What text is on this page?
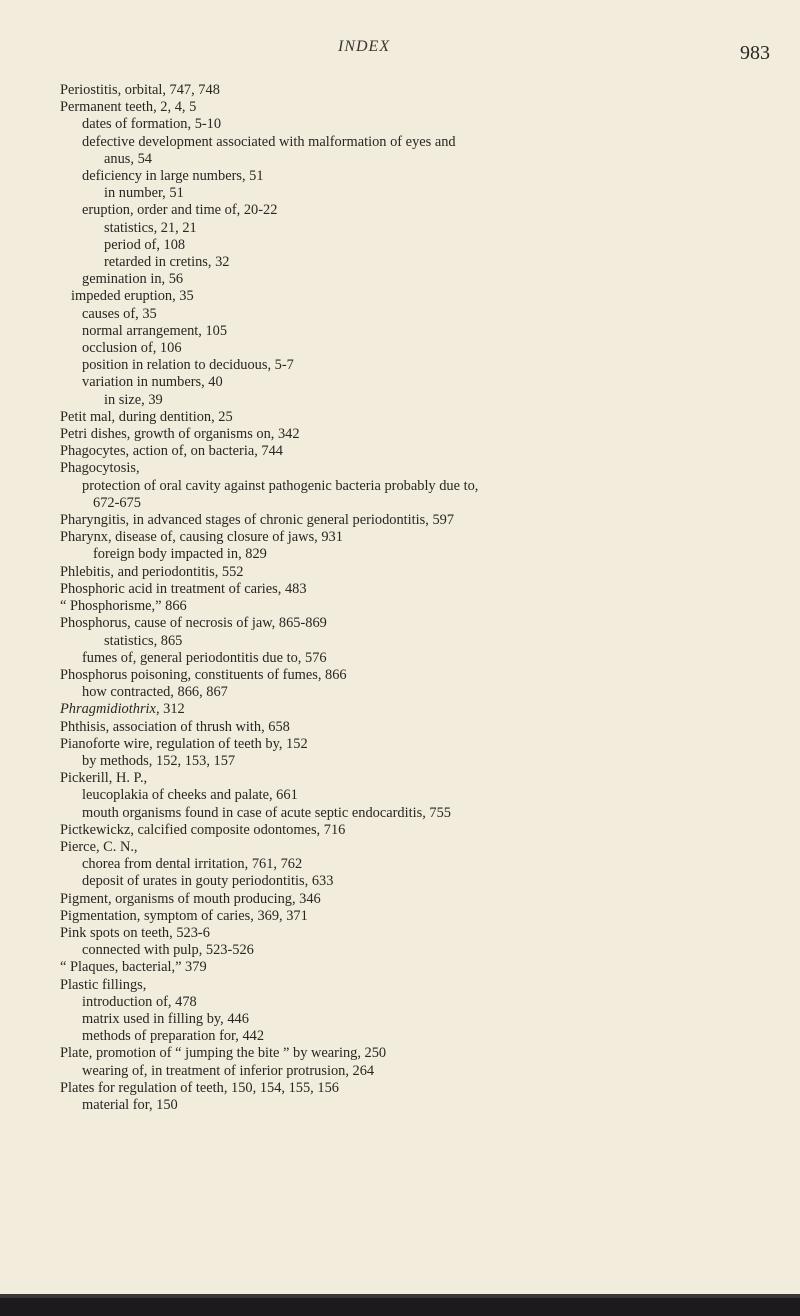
INDEX	983
Periostitis, orbital, 747, 748
Permanent teeth, 2, 4, 5
dates of formation, 5-10
defective development associated with malformation of eyes and
anus, 54
deficiency in large numbers, 51
in number, 51
eruption, order and time of, 20-22
statistics, 21, 21
period of, 108
retarded in cretins, 32
gemination in, 56
impeded eruption, 35
causes of, 35
normal arrangement, 105
occlusion of, 106
position in relation to deciduous, 5-7
variation in numbers, 40
in size, 39
Petit mal, during dentition, 25
Petri dishes, growth of organisms on, 342
Phagocytes, action of, on bacteria, 744
Phagocytosis,
protection of oral cavity against pathogenic bacteria probably due to,
672-675
Pharyngitis, in advanced stages of chronic general periodontitis, 597
Pharynx, disease of, causing closure of jaws, 931
foreign body impacted in, 829
Phlebitis, and periodontitis, 552
Phosphoric acid in treatment of caries, 483
“ Phosphorisme,” 866
Phosphorus, cause of necrosis of jaw, 865-869
statistics, 865
fumes of, general periodontitis due to, 576
Phosphorus poisoning, constituents of fumes, 866
how contracted, 866, 867
Phragmidiothrix, 312
Phthisis, association of thrush with, 658
Pianoforte wire, regulation of teeth by, 152
by methods, 152, 153, 157
Pickerill, H. P.,
leucoplakia of cheeks and palate, 661
mouth organisms found in case of acute septic endocarditis, 755
Pictkewickz, calcified composite odontomes, 716
Pierce, C. N.,
chorea from dental irritation, 761, 762
deposit of urates in gouty periodontitis, 633
Pigment, organisms of mouth producing, 346
Pigmentation, symptom of caries, 369, 371
Pink spots on teeth, 523-6
connected with pulp, 523-526
“ Plaques, bacterial,” 379
Plastic fillings,
introduction of, 478
matrix used in filling by, 446
methods of preparation for, 442
Plate, promotion of “ jumping the bite ” by wearing, 250
wearing of, in treatment of inferior protrusion, 264
Plates for regulation of teeth, 150, 154, 155, 156
material for, 150
